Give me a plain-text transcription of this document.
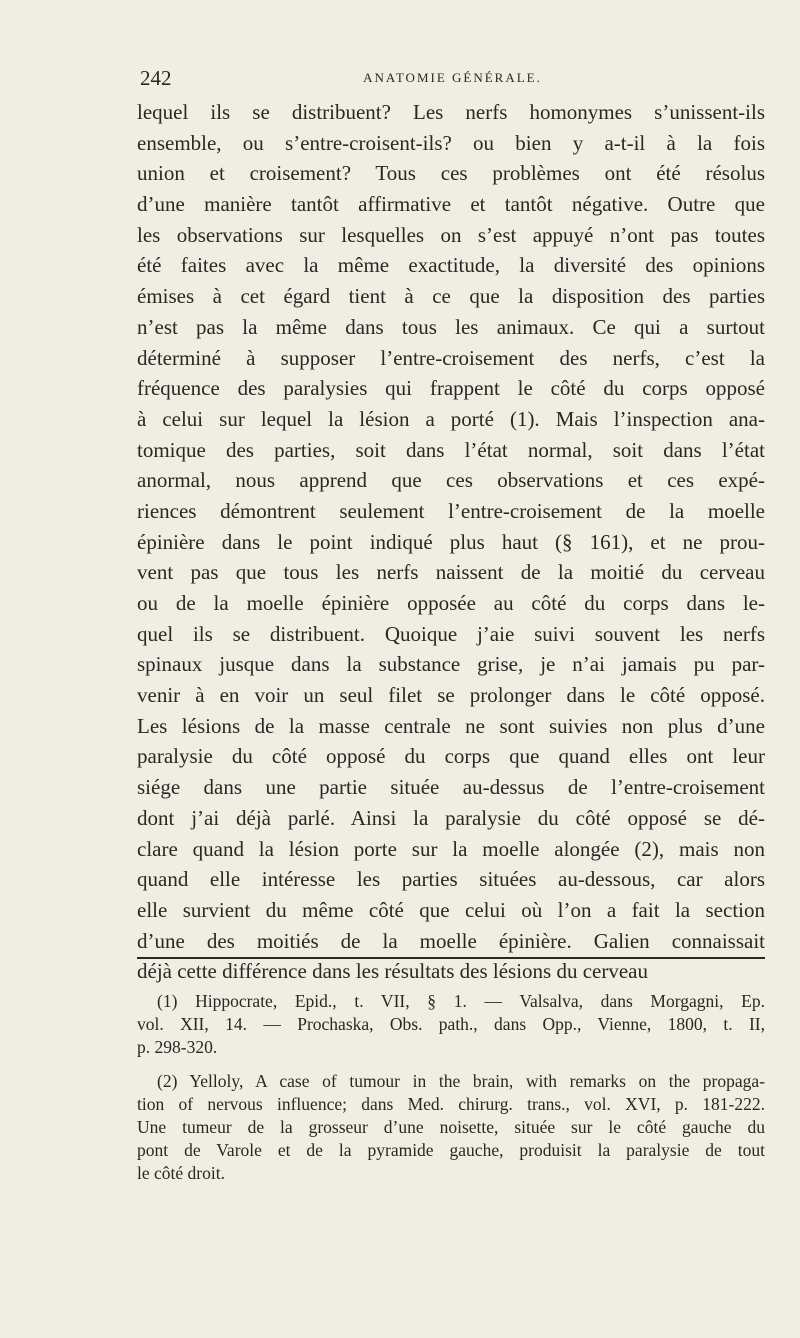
242	ANATOMIE GÉNÉRALE.
lequel ils se distribuent? Les nerfs homonymes s’unissent-ils
ensemble, ou s’entre-croisent-ils? ou bien y a-t-il à la fois
union et croisement? Tous ces problèmes ont été résolus
d’une manière tantôt affirmative et tantôt négative. Outre que
les observations sur lesquelles on s’est appuyé n’ont pas toutes
été faites avec la même exactitude, la diversité des opinions
émises à cet égard tient à ce que la disposition des parties
n’est pas la même dans tous les animaux. Ce qui a surtout
déterminé à supposer l’entre-croisement des nerfs, c’est la
fréquence des paralysies qui frappent le côté du corps opposé
à celui sur lequel la lésion a porté (1). Mais l’inspection ana-
tomique des parties, soit dans l’état normal, soit dans l’état
anormal, nous apprend que ces observations et ces expé-
riences démontrent seulement l’entre-croisement de la moelle
épinière dans le point indiqué plus haut (§ 161), et ne prou-
vent pas que tous les nerfs naissent de la moitié du cerveau
ou de la moelle épinière opposée au côté du corps dans le-
quel ils se distribuent. Quoique j’aie suivi souvent les nerfs
spinaux jusque dans la substance grise, je n’ai jamais pu par-
venir à en voir un seul filet se prolonger dans le côté opposé.
Les lésions de la masse centrale ne sont suivies non plus d’une
paralysie du côté opposé du corps que quand elles ont leur
siége dans une partie située au-dessus de l’entre-croisement
dont j’ai déjà parlé. Ainsi la paralysie du côté opposé se dé-
clare quand la lésion porte sur la moelle alongée (2), mais non
quand elle intéresse les parties situées au-dessous, car alors
elle survient du même côté que celui où l’on a fait la section
d’une des moitiés de la moelle épinière. Galien connaissait
déjà cette différence dans les résultats des lésions du cerveau
(1) Hippocrate, Epid., t. VII, § 1. — Valsalva, dans Morgagni, Ep.
vol. XII, 14. — Prochaska, Obs. path., dans Opp., Vienne, 1800, t. II,
p. 298-320.
(2) Yelloly, A case of tumour in the brain, with remarks on the propaga-
tion of nervous influence; dans Med. chirurg. trans., vol. XVI, p. 181-222.
Une tumeur de la grosseur d’une noisette, située sur le côté gauche du
pont de Varole et de la pyramide gauche, produisit la paralysie de tout
le côté droit.
